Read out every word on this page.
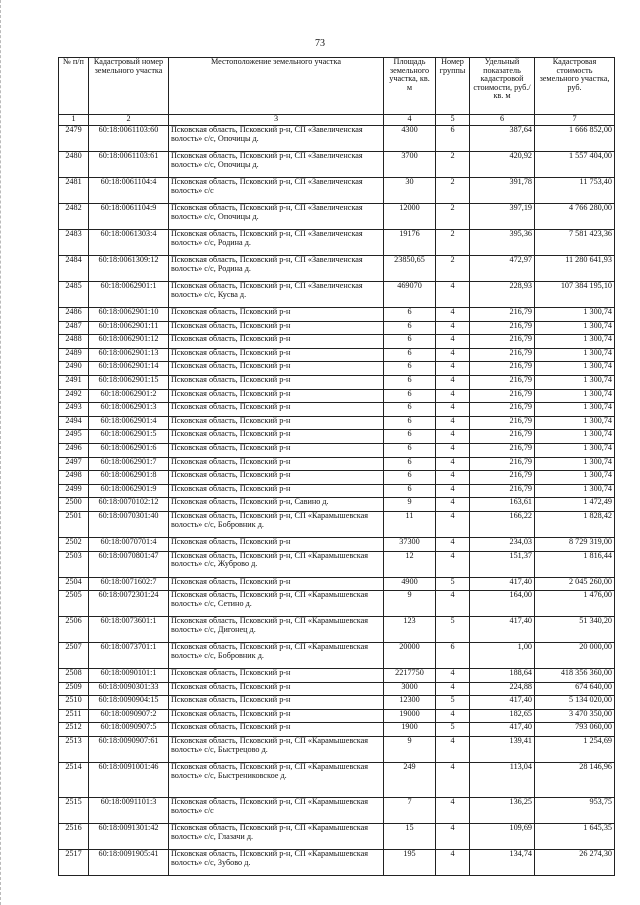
73
№ п/п	Кадастровый номер земельного участка	Местоположение земельного участка	Площадь земельного участка, кв. м	Номер группы	Удельный показатель кадастровой стоимости, руб./кв. м	Кадастровая стоимость земельного участка, руб.
1	2	3	4	5	6	7
2479	60:18:0061103:60	Псковская область, Псковский р-н, СП «Завеличенская волость» с/с, Опочицы д.	4300	6	387,64	1 666 852,00
2480	60:18:0061103:61	Псковская область, Псковский р-н, СП «Завеличенская волость» с/с, Опочицы д.	3700	2	420,92	1 557 404,00
2481	60:18:0061104:4	Псковская область, Псковский р-н, СП «Завеличенская волость» с/с	30	2	391,78	11 753,40
2482	60:18:0061104:9	Псковская область, Псковский р-н, СП «Завеличенская волость» с/с, Опочицы д.	12000	2	397,19	4 766 280,00
2483	60:18:0061303:4	Псковская область, Псковский р-н, СП «Завеличенская волость» с/с, Родина д.	19176	2	395,36	7 581 423,36
2484	60:18:0061309:12	Псковская область, Псковский р-н, СП «Завеличенская волость» с/с, Родина д.	23850,65	2	472,97	11 280 641,93
2485	60:18:0062901:1	Псковская область, Псковский р-н, СП «Завеличенская волость» с/с, Кусва д.	469070	4	228,93	107 384 195,10
2486	60:18:0062901:10	Псковская область, Псковский р-н	6	4	216,79	1 300,74
2487	60:18:0062901:11	Псковская область, Псковский р-н	6	4	216,79	1 300,74
2488	60:18:0062901:12	Псковская область, Псковский р-н	6	4	216,79	1 300,74
2489	60:18:0062901:13	Псковская область, Псковский р-н	6	4	216,79	1 300,74
2490	60:18:0062901:14	Псковская область, Псковский р-н	6	4	216,79	1 300,74
2491	60:18:0062901:15	Псковская область, Псковский р-н	6	4	216,79	1 300,74
2492	60:18:0062901:2	Псковская область, Псковский р-н	6	4	216,79	1 300,74
2493	60:18:0062901:3	Псковская область, Псковский р-н	6	4	216,79	1 300,74
2494	60:18:0062901:4	Псковская область, Псковский р-н	6	4	216,79	1 300,74
2495	60:18:0062901:5	Псковская область, Псковский р-н	6	4	216,79	1 300,74
2496	60:18:0062901:6	Псковская область, Псковский р-н	6	4	216,79	1 300,74
2497	60:18:0062901:7	Псковская область, Псковский р-н	6	4	216,79	1 300,74
2498	60:18:0062901:8	Псковская область, Псковский р-н	6	4	216,79	1 300,74
2499	60:18:0062901:9	Псковская область, Псковский р-н	6	4	216,79	1 300,74
2500	60:18:0070102:12	Псковская область, Псковский р-н, Савино д.	9	4	163,61	1 472,49
2501	60:18:0070301:40	Псковская область, Псковский р-н, СП «Карамышевская волость» с/с, Бобровник д.	11	4	166,22	1 828,42
2502	60:18:0070701:4	Псковская область, Псковский р-н	37300	4	234,03	8 729 319,00
2503	60:18:0070801:47	Псковская область, Псковский р-н, СП «Карамышевская волость» с/с, Жуброво д.	12	4	151,37	1 816,44
2504	60:18:0071602:7	Псковская область, Псковский р-н	4900	5	417,40	2 045 260,00
2505	60:18:0072301:24	Псковская область, Псковский р-н, СП «Карамышевская волость» с/с, Сетино д.	9	4	164,00	1 476,00
2506	60:18:0073601:1	Псковская область, Псковский р-н, СП «Карамышевская волость» с/с, Дигонец д.	123	5	417,40	51 340,20
2507	60:18:0073701:1	Псковская область, Псковский р-н, СП «Карамышевская волость» с/с, Бобровник д.	20000	6	1,00	20 000,00
2508	60:18:0090101:1	Псковская область, Псковский р-н	2217750	4	188,64	418 356 360,00
2509	60:18:0090301:33	Псковская область, Псковский р-н	3000	4	224,88	674 640,00
2510	60:18:0090904:15	Псковская область, Псковский р-н	12300	5	417,40	5 134 020,00
2511	60:18:0090907:2	Псковская область, Псковский р-н	19000	4	182,65	3 470 350,00
2512	60:18:0090907:5	Псковская область, Псковский р-н	1900	5	417,40	793 060,00
2513	60:18:0090907:61	Псковская область, Псковский р-н, СП «Карамышевская волость» с/с, Быстрецово д.	9	4	139,41	1 254,69
2514	60:18:0091001:46	Псковская область, Псковский р-н, СП «Карамышевская волость» с/с, Быстрениковское д.	249	4	113,04	28 146,96
2515	60:18:0091101:3	Псковская область, Псковский р-н, СП «Карамышевская волость» с/с	7	4	136,25	953,75
2516	60:18:0091301:42	Псковская область, Псковский р-н, СП «Карамышевская волость» с/с, Глазачи д.	15	4	109,69	1 645,35
2517	60:18:0091905:41	Псковская область, Псковский р-н, СП «Карамышевская волость» с/с, Зубово д.	195	4	134,74	26 274,30
